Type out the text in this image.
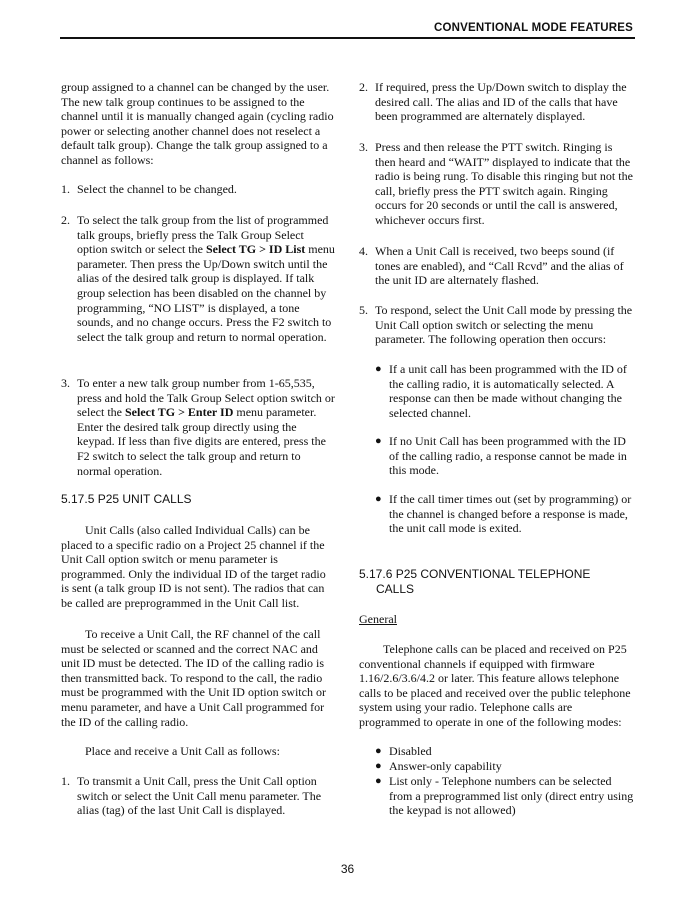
CONVENTIONAL MODE FEATURES

group assigned to a channel can be changed by the user. The new talk group continues to be assigned to the channel until it is manually changed again (cycling radio power or selecting another channel does not reselect a default talk group). Change the talk group assigned to a channel as follows:

1. Select the channel to be changed.

2. To select the talk group from the list of programmed talk groups, briefly press the Talk Group Select option switch or select the Select TG > ID List menu parameter. Then press the Up/Down switch until the alias of the desired talk group is displayed. If talk group selection has been disabled on the channel by programming, “NO LIST” is displayed, a tone sounds, and no change occurs. Press the F2 switch to select the talk group and return to normal operation.

3. To enter a new talk group number from 1-65,535, press and hold the Talk Group Select option switch or select the Select TG > Enter ID menu parameter. Enter the desired talk group directly using the keypad. If less than five digits are entered, press the F2 switch to select the talk group and return to normal operation.

5.17.5 P25 UNIT CALLS

Unit Calls (also called Individual Calls) can be placed to a specific radio on a Project 25 channel if the Unit Call option switch or menu parameter is programmed. Only the individual ID of the target radio is sent (a talk group ID is not sent). The radios that can be called are preprogrammed in the Unit Call list.

To receive a Unit Call, the RF channel of the call must be selected or scanned and the correct NAC and unit ID must be detected. The ID of the calling radio is then transmitted back. To respond to the call, the radio must be programmed with the Unit ID option switch or menu parameter, and have a Unit Call programmed for the ID of the calling radio.

Place and receive a Unit Call as follows:

1. To transmit a Unit Call, press the Unit Call option switch or select the Unit Call menu parameter. The alias (tag) of the last Unit Call is displayed.

2. If required, press the Up/Down switch to display the desired call. The alias and ID of the calls that have been programmed are alternately displayed.

3. Press and then release the PTT switch. Ringing is then heard and “WAIT” displayed to indicate that the radio is being rung. To disable this ringing but not the call, briefly press the PTT switch again. Ringing occurs for 20 seconds or until the call is answered, whichever occurs first.

4. When a Unit Call is received, two beeps sound (if tones are enabled), and “Call Rcvd” and the alias of the unit ID are alternately flashed.

5. To respond, select the Unit Call mode by pressing the Unit Call option switch or selecting the menu parameter. The following operation then occurs:

● If a unit call has been programmed with the ID of the calling radio, it is automatically selected. A response can then be made without changing the selected channel.

● If no Unit Call has been programmed with the ID of the calling radio, a response cannot be made in this mode.

● If the call timer times out (set by programming) or the channel is changed before a response is made, the unit call mode is exited.

5.17.6 P25 CONVENTIONAL TELEPHONE
CALLS
General

Telephone calls can be placed and received on P25 conventional channels if equipped with firmware 1.16/2.6/3.6/4.2 or later. This feature allows telephone calls to be placed and received over the public telephone system using your radio. Telephone calls are programmed to operate in one of the following modes:

● Disabled

● Answer-only capability

● List only - Telephone numbers can be selected from a preprogrammed list only (direct entry using the keypad is not allowed)

36
